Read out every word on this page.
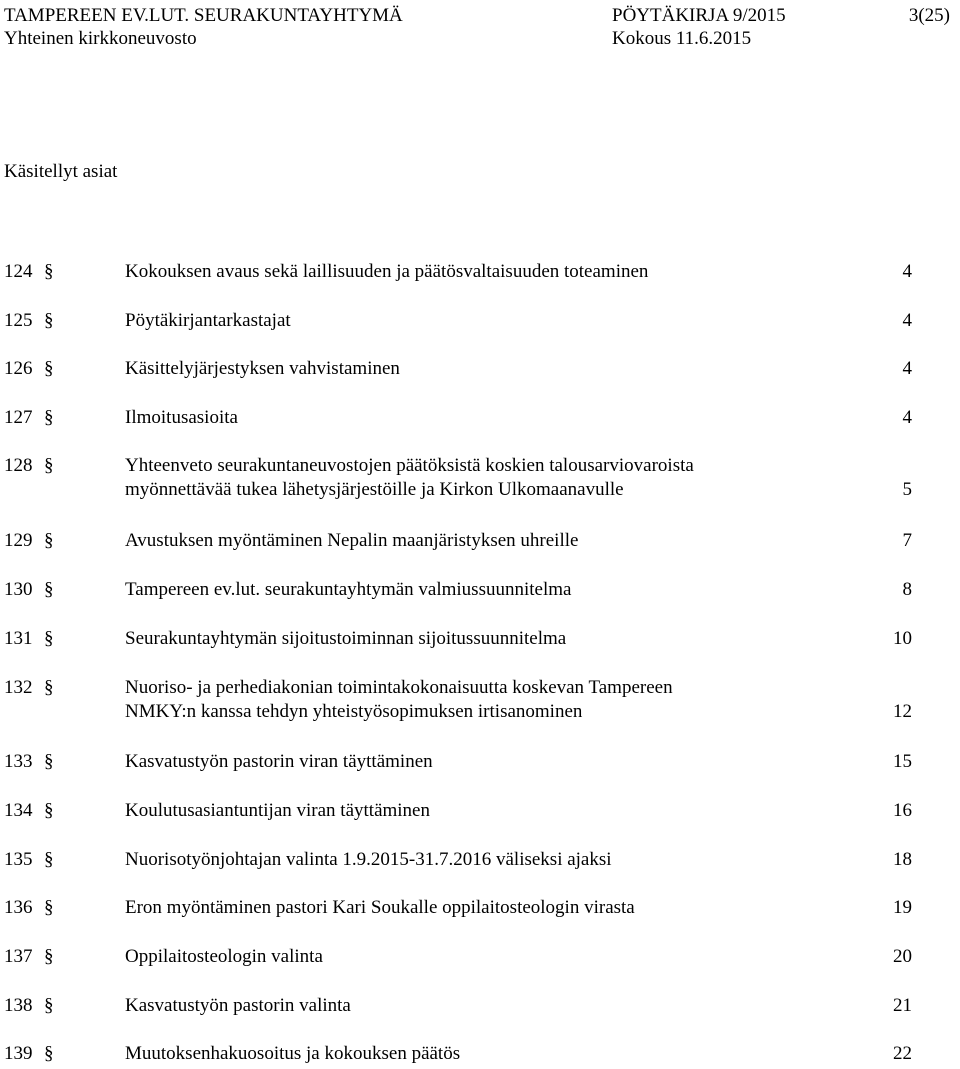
TAMPEREEN EV.LUT. SEURAKUNTAYHTYMÄ
Yhteinen kirkkoneuvosto
PÖYTÄKIRJA 9/2015
Kokous 11.6.2015
3(25)
Käsitellyt asiat
124 §	Kokouksen avaus sekä laillisuuden ja päätösvaltaisuuden toteaminen	4
125 §	Pöytäkirjantarkastajat	4
126 §	Käsittelyjärjestyksen vahvistaminen	4
127 §	Ilmoitusasioita	4
128 §	Yhteenveto seurakuntaneuvostojen päätöksistä koskien talousarviovaroista
myönnettävää tukea lähetysjärjestöille ja Kirkon Ulkomaanavulle	5
129 §	Avustuksen myöntäminen Nepalin maanjäristyksen uhreille	7
130 §	Tampereen ev.lut. seurakuntayhtymän valmiussuunnitelma	8
131 §	Seurakuntayhtymän sijoitustoiminnan sijoitussuunnitelma	10
132 §	Nuoriso- ja perhediakonian toimintakokonaisuutta koskevan Tampereen
NMKY:n kanssa tehdyn yhteistyösopimuksen irtisanominen	12
133 §	Kasvatustyön pastorin viran täyttäminen	15
134 §	Koulutusasiantuntijan viran täyttäminen	16
135 §	Nuorisotyönjohtajan valinta 1.9.2015-31.7.2016 väliseksi ajaksi	18
136 §	Eron myöntäminen pastori Kari Soukalle oppilaitosteologin virasta	19
137 §	Oppilaitosteologin valinta	20
138 §	Kasvatustyön pastorin valinta	21
139 §	Muutoksenhakuosoitus ja kokouksen päätös	22
